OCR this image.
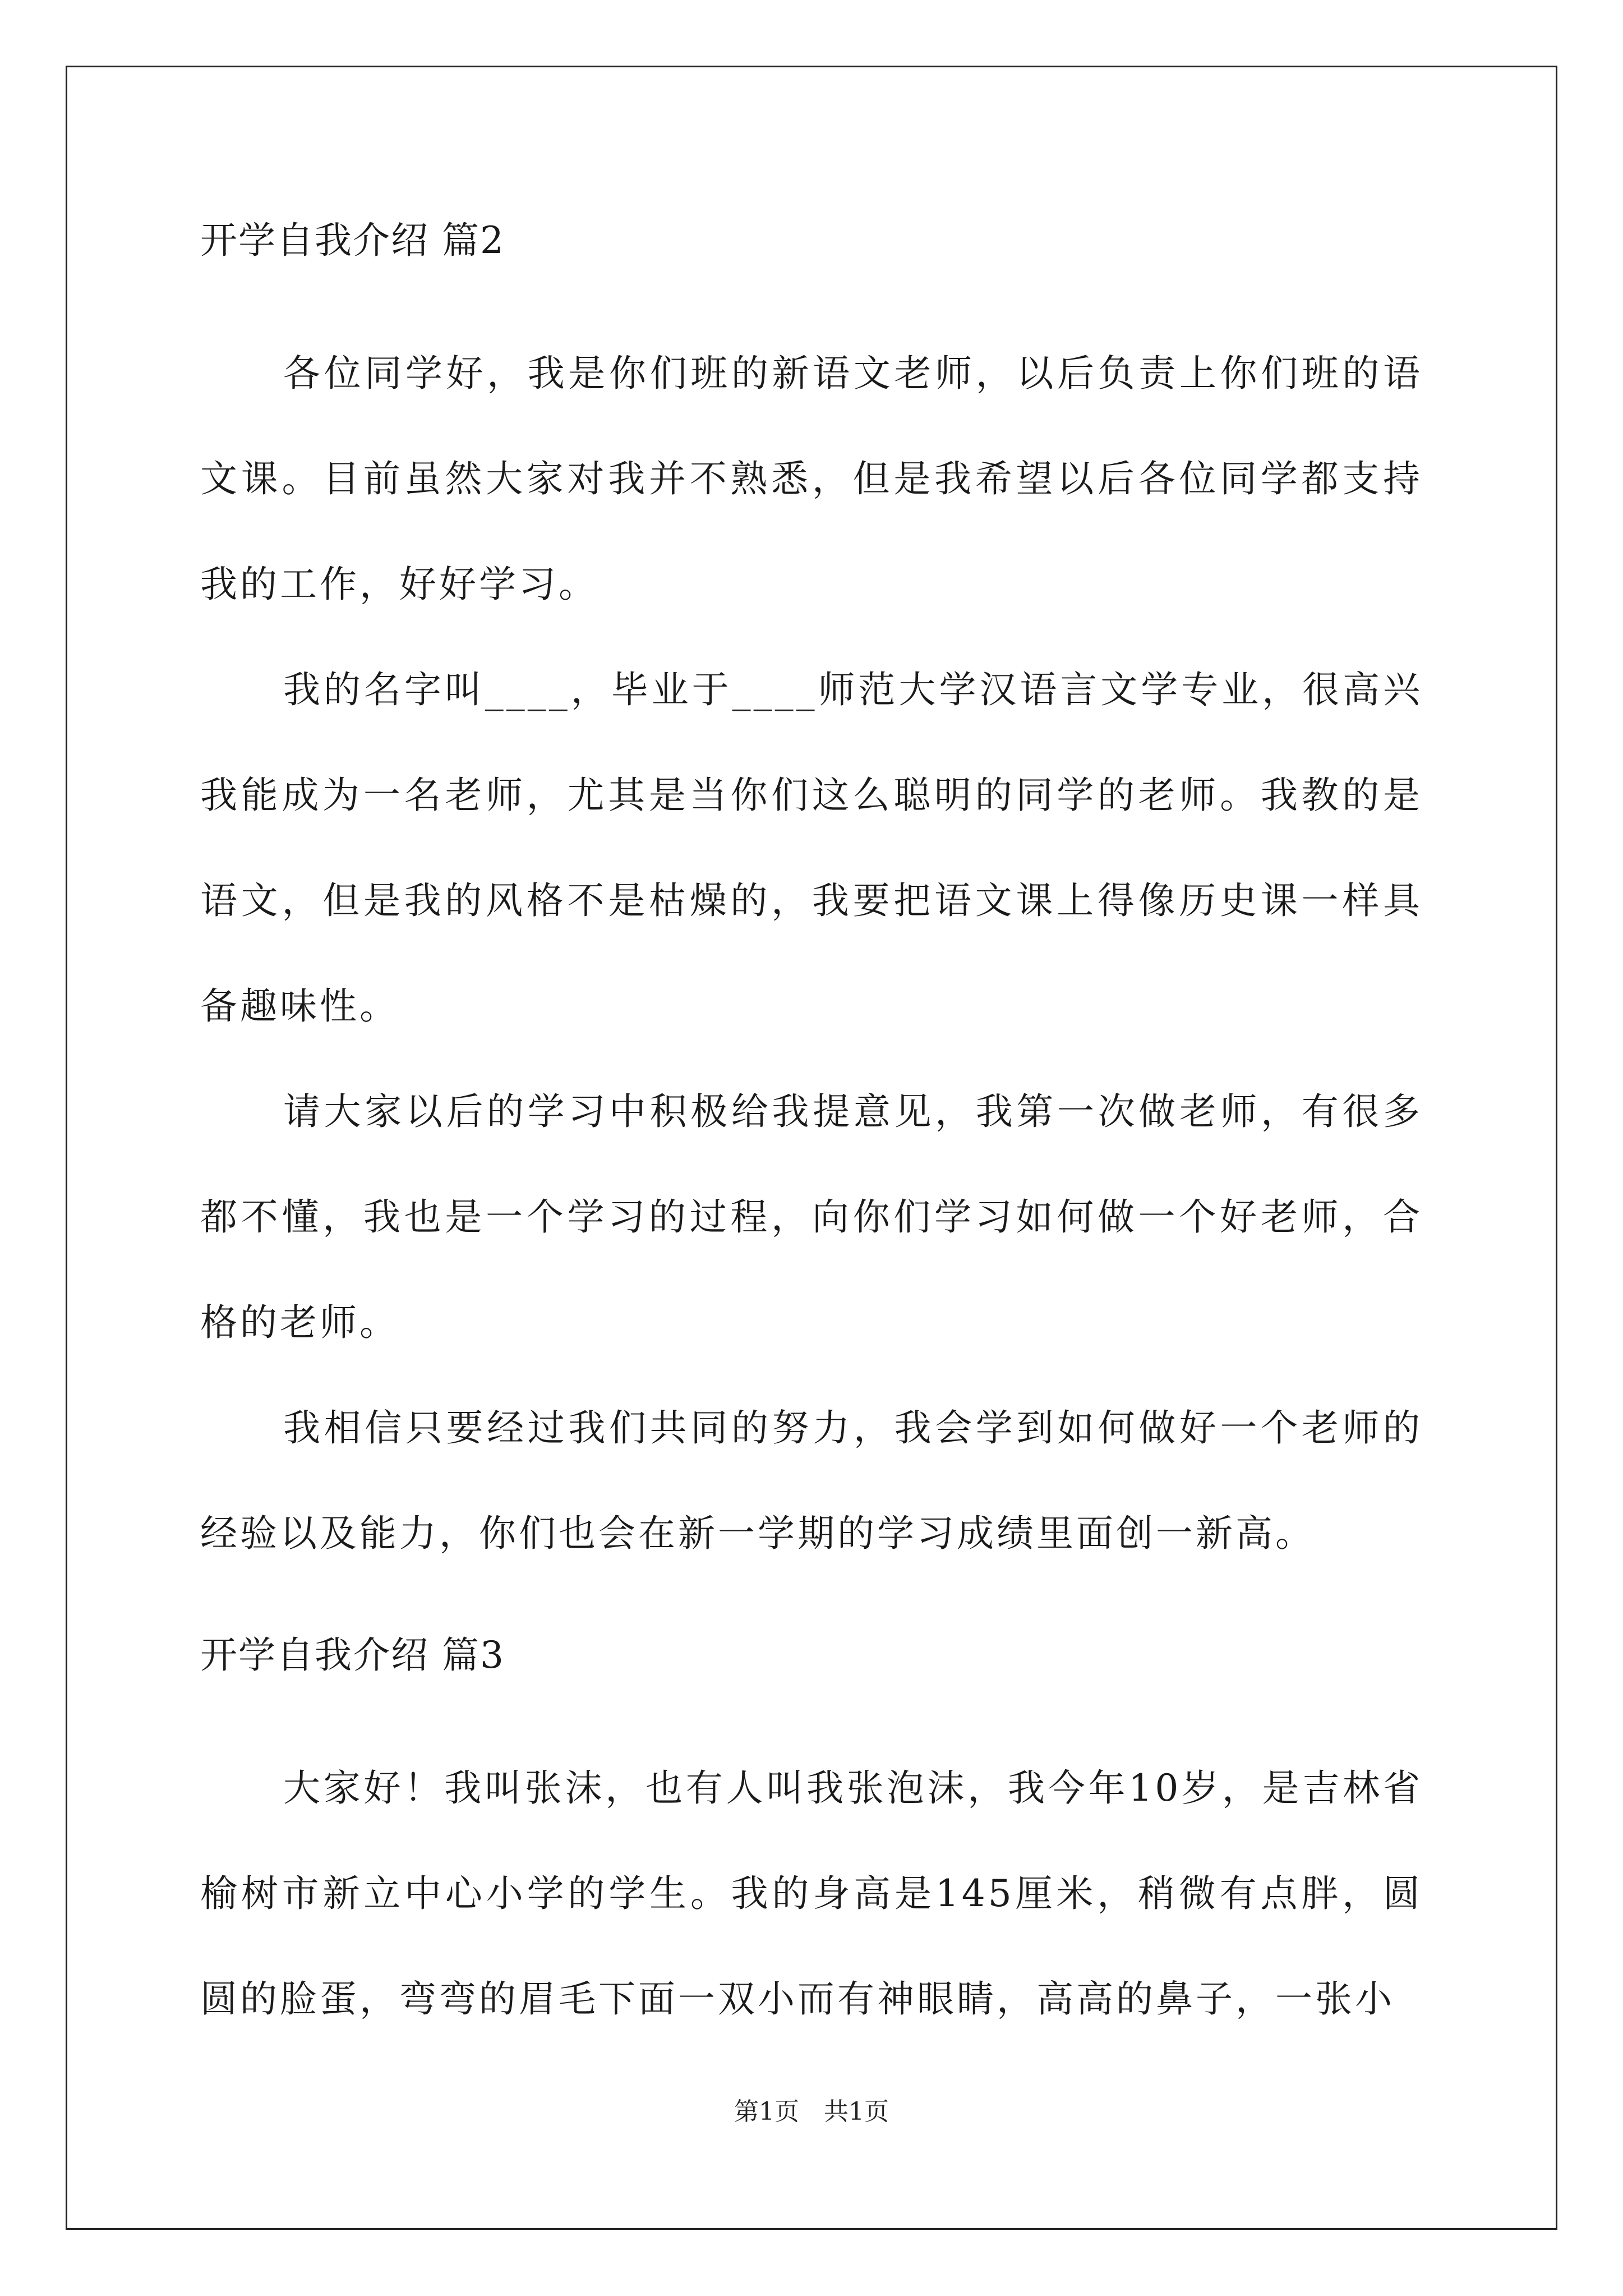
开学自我介绍 篇2

各位同学好，我是你们班的新语文老师，以后负责上你们班的语文课。目前虽然大家对我并不熟悉，但是我希望以后各位同学都支持我的工作，好好学习。

我的名字叫____，毕业于____师范大学汉语言文学专业，很高兴我能成为一名老师，尤其是当你们这么聪明的同学的老师。我教的是语文，但是我的风格不是枯燥的，我要把语文课上得像历史课一样具备趣味性。

请大家以后的学习中积极给我提意见，我第一次做老师，有很多都不懂，我也是一个学习的过程，向你们学习如何做一个好老师，合格的老师。

我相信只要经过我们共同的努力，我会学到如何做好一个老师的经验以及能力，你们也会在新一学期的学习成绩里面创一新高。

开学自我介绍 篇3

大家好！我叫张沫，也有人叫我张泡沫，我今年10岁，是吉林省榆树市新立中心小学的学生。我的身高是145厘米，稍微有点胖，圆圆的脸蛋，弯弯的眉毛下面一双小而有神眼睛，高高的鼻子，一张小

第1页　共1页
